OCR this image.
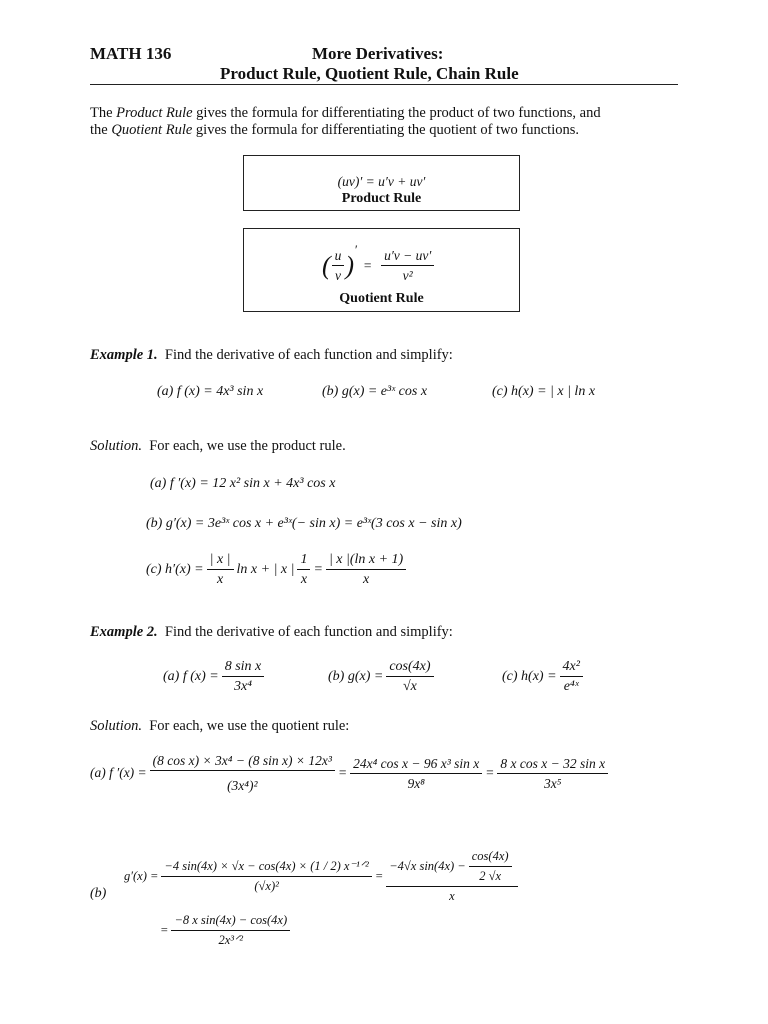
MATH 136	More Derivatives:
Product Rule, Quotient Rule, Chain Rule
The Product Rule gives the formula for differentiating the product of two functions, and
the Quotient Rule gives the formula for differentiating the quotient of two functions.
(uv)′ = u′v + uv′
Product Rule
( $\frac{u}{v}$ )
′
= $\frac{u'v - uv'}{\text{v²}}$
Quotient Rule
Example 1. Find the derivative of each function and simplify:
(a) f (x) = 4x³ sin x	(b) g(x) = e³ˣ cos x	(c) h(x) = | x | ln x
Solution. For each, we use the product rule.
(a) f ′(x) = 12 x² sin x + 4x³ cos x
(b) g′(x) = 3e³ˣ cos x + e³ˣ(− sin x) = e³ˣ(3 cos x − sin x)
(c) $h'(x) = \frac{| x |}{x}$ ln x + | x | $\frac{1}{x} = \frac{\text{| x |(ln x + 1)}}{x}$
Example 2. Find the derivative of each function and simplify:
(a) f $(x) = \frac{\text{8 sin x}}{\text{3x⁴}}$	(b) $g(x) = \frac{\cos(4x)}{√x}$	(c) $h(x) = \frac{\text{4x²}}{\text{e⁴ˣ}}$
Solution. For each, we use the quotient rule:
(a) f $'(x) = \frac{\text{(8 cos x) × 3x⁴ − (8 sin x) × 12x³}}{\text{(3x⁴)²}} = \frac{\text{24x⁴ cos x − 96 x³ sin x}}{\text{9x⁸}} = \frac{\text{8 x cos x − 32 sin x}}{\text{3x⁵}}$
(b)
$g'(x) = \frac{\text{−4 sin(4x) × √x − cos(4x) × (1 / 2) x⁻¹ᐟ²}}{\text{(√x)²}} = \frac{-4√x \sin(4x) - \frac{\cos(4x)}{2 √x}}{x}$
= $\frac{\text{−8 x sin(4x) − cos(4x)}}{\text{2x³ᐟ²}}$
